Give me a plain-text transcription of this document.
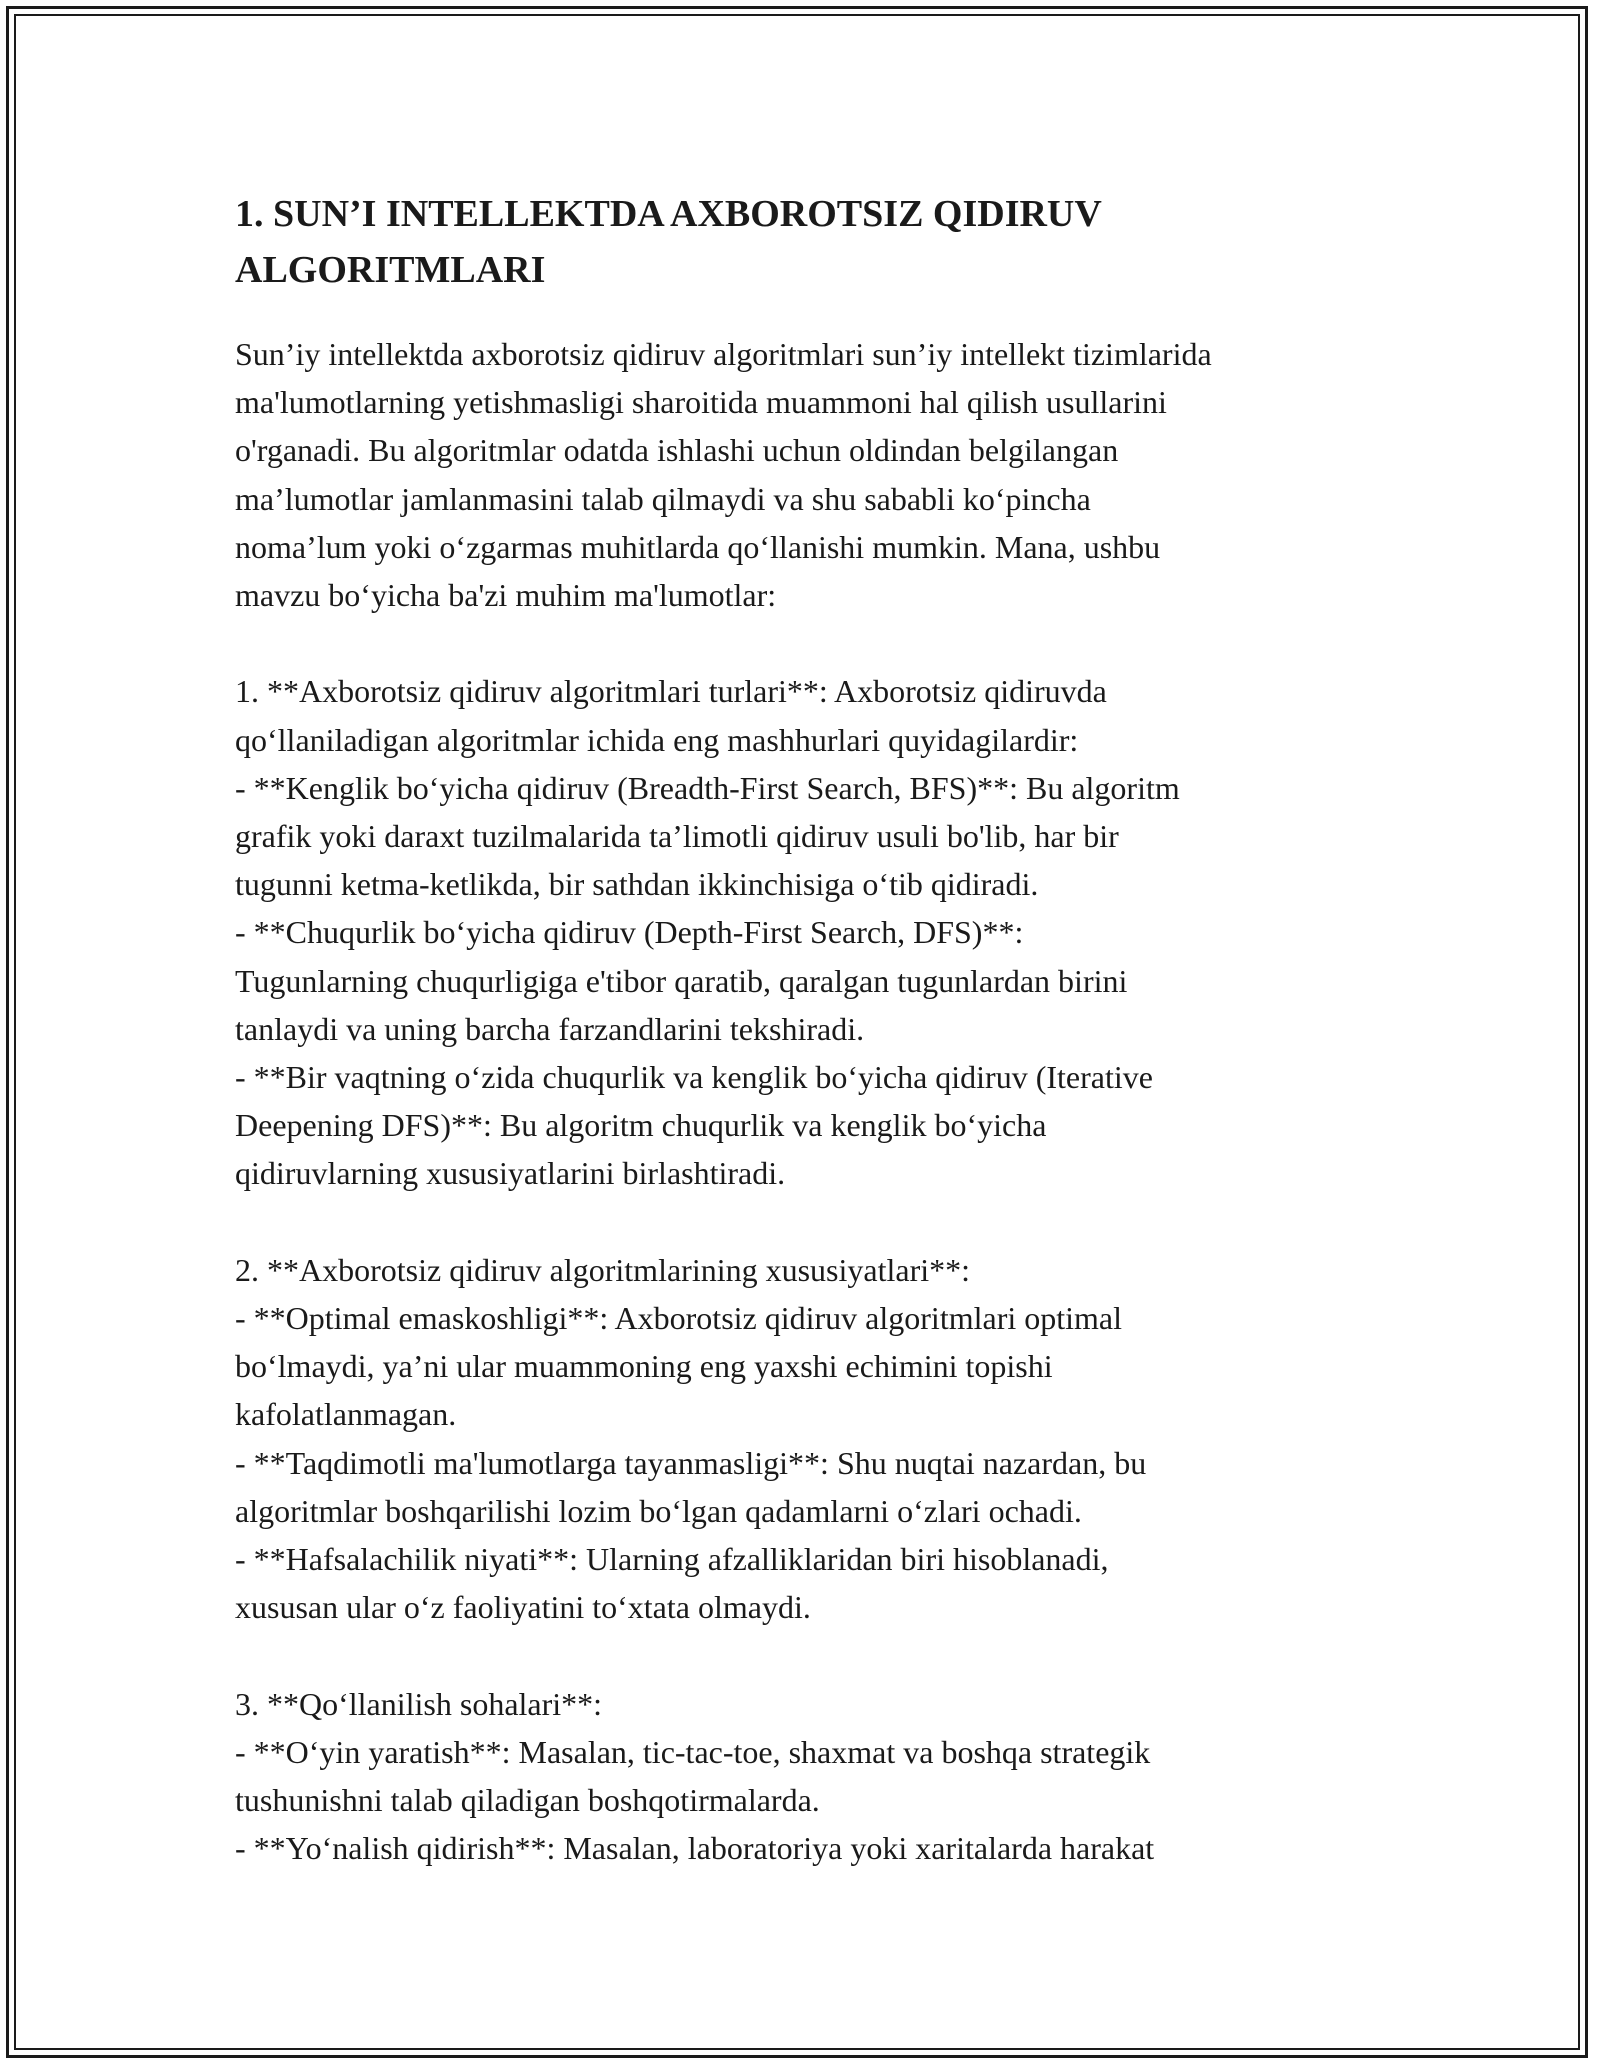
1. SUN’I INTELLEKTDA AXBOROTSIZ QIDIRUV
ALGORITMLARI

Sun’iy intellektda axborotsiz qidiruv algoritmlari sun’iy intellekt tizimlarida
ma'lumotlarning yetishmasligi sharoitida muammoni hal qilish usullarini
o'rganadi. Bu algoritmlar odatda ishlashi uchun oldindan belgilangan
ma’lumotlar jamlanmasini talab qilmaydi va shu sababli ko‘pincha
noma’lum yoki o‘zgarmas muhitlarda qo‘llanishi mumkin. Mana, ushbu
mavzu bo‘yicha ba'zi muhim ma'lumotlar:

1. **Axborotsiz qidiruv algoritmlari turlari**: Axborotsiz qidiruvda
qo‘llaniladigan algoritmlar ichida eng mashhurlari quyidagilardir:
- **Kenglik bo‘yicha qidiruv (Breadth-First Search, BFS)**: Bu algoritm
grafik yoki daraxt tuzilmalarida ta’limotli qidiruv usuli bo'lib, har bir
tugunni ketma-ketlikda, bir sathdan ikkinchisiga o‘tib qidiradi.
- **Chuqurlik bo‘yicha qidiruv (Depth-First Search, DFS)**:
Tugunlarning chuqurligiga e'tibor qaratib, qaralgan tugunlardan birini
tanlaydi va uning barcha farzandlarini tekshiradi.
- **Bir vaqtning o‘zida chuqurlik va kenglik bo‘yicha qidiruv (Iterative
Deepening DFS)**: Bu algoritm chuqurlik va kenglik bo‘yicha
qidiruvlarning xususiyatlarini birlashtiradi.

2. **Axborotsiz qidiruv algoritmlarining xususiyatlari**:
- **Optimal emaskoshligi**: Axborotsiz qidiruv algoritmlari optimal
bo‘lmaydi, ya’ni ular muammoning eng yaxshi echimini topishi
kafolatlanmagan.
- **Taqdimotli ma'lumotlarga tayanmasligi**: Shu nuqtai nazardan, bu
algoritmlar boshqarilishi lozim bo‘lgan qadamlarni o‘zlari ochadi.
- **Hafsalachilik niyati**: Ularning afzalliklaridan biri hisoblanadi,
xususan ular o‘z faoliyatini to‘xtata olmaydi.

3. **Qo‘llanilish sohalari**:
- **O‘yin yaratish**: Masalan, tic-tac-toe, shaxmat va boshqa strategik
tushunishni talab qiladigan boshqotirmalarda.
- **Yo‘nalish qidirish**: Masalan, laboratoriya yoki xaritalarda harakat
